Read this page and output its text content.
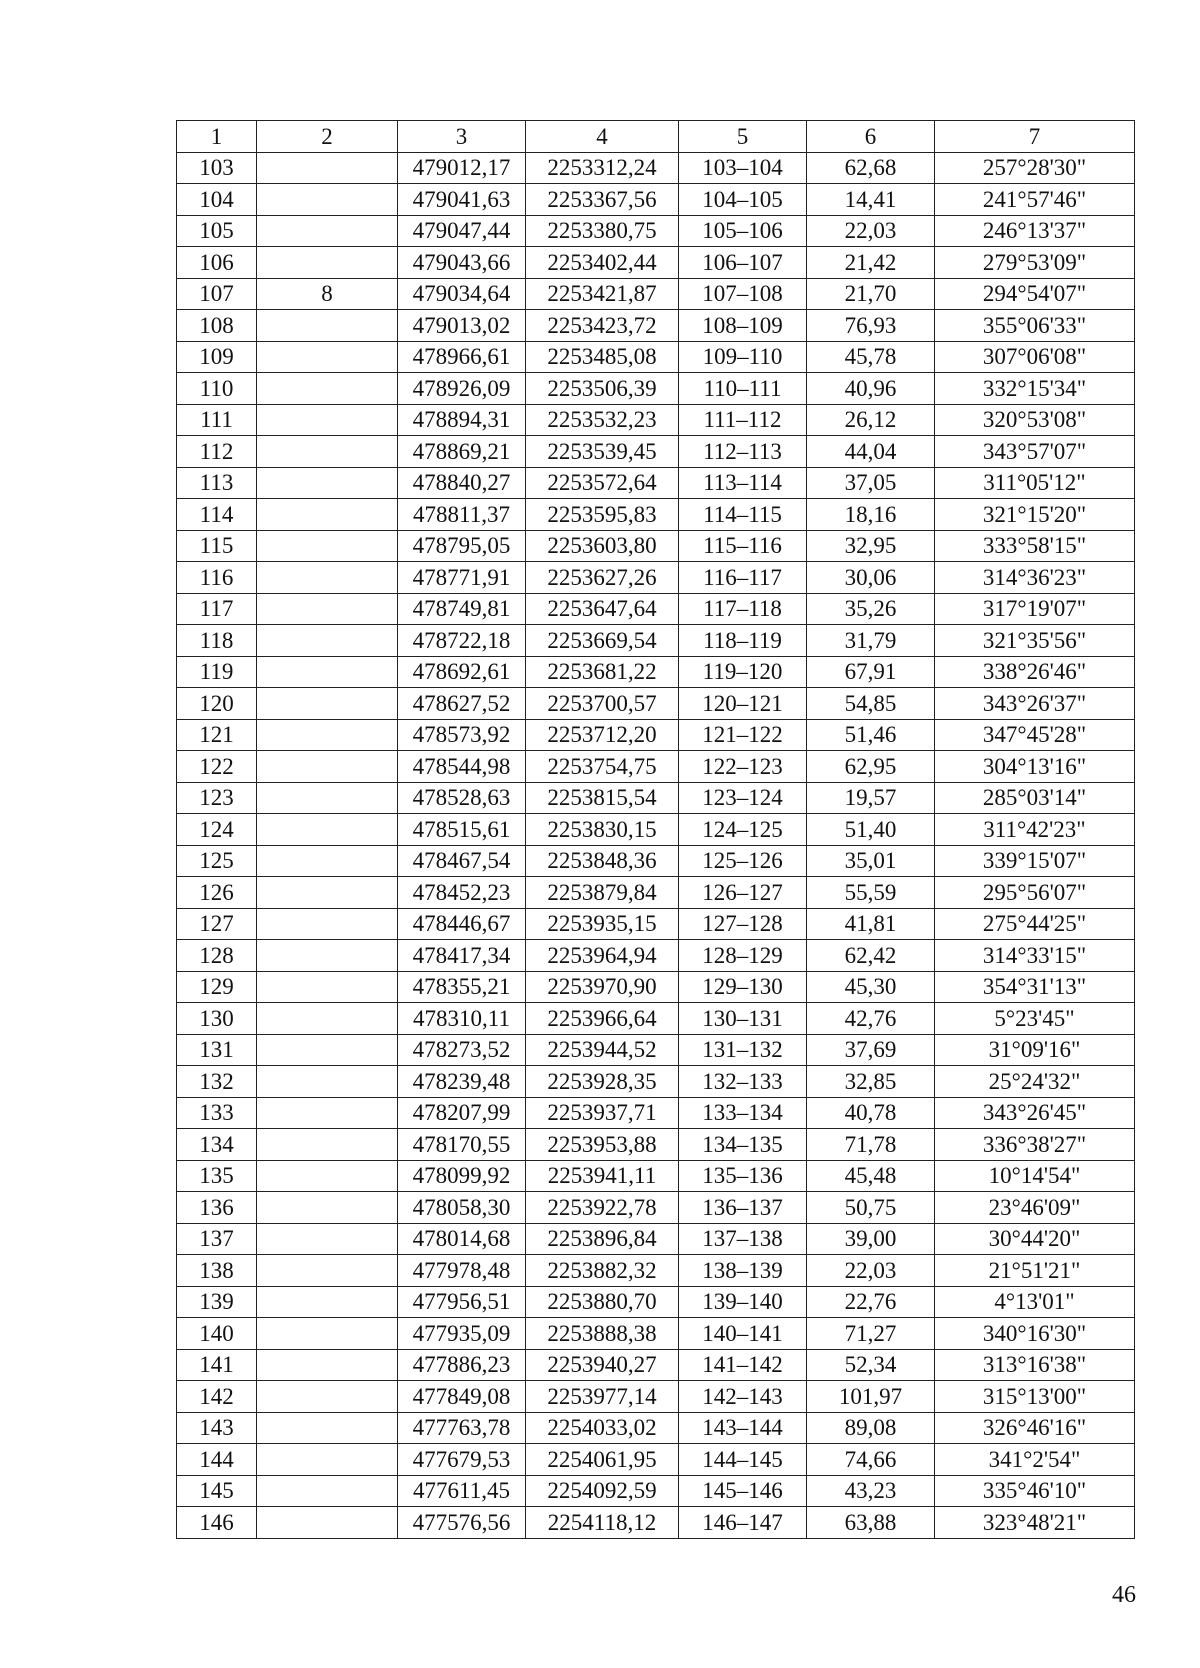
1	2	3	4	5	6	7
103		479012,17	2253312,24	103–104	62,68	257°28'30"
104		479041,63	2253367,56	104–105	14,41	241°57'46"
105		479047,44	2253380,75	105–106	22,03	246°13'37"
106		479043,66	2253402,44	106–107	21,42	279°53'09"
107	8	479034,64	2253421,87	107–108	21,70	294°54'07"
108		479013,02	2253423,72	108–109	76,93	355°06'33"
109		478966,61	2253485,08	109–110	45,78	307°06'08"
110		478926,09	2253506,39	110–111	40,96	332°15'34"
111		478894,31	2253532,23	111–112	26,12	320°53'08"
112		478869,21	2253539,45	112–113	44,04	343°57'07"
113		478840,27	2253572,64	113–114	37,05	311°05'12"
114		478811,37	2253595,83	114–115	18,16	321°15'20"
115		478795,05	2253603,80	115–116	32,95	333°58'15"
116		478771,91	2253627,26	116–117	30,06	314°36'23"
117		478749,81	2253647,64	117–118	35,26	317°19'07"
118		478722,18	2253669,54	118–119	31,79	321°35'56"
119		478692,61	2253681,22	119–120	67,91	338°26'46"
120		478627,52	2253700,57	120–121	54,85	343°26'37"
121		478573,92	2253712,20	121–122	51,46	347°45'28"
122		478544,98	2253754,75	122–123	62,95	304°13'16"
123		478528,63	2253815,54	123–124	19,57	285°03'14"
124		478515,61	2253830,15	124–125	51,40	311°42'23"
125		478467,54	2253848,36	125–126	35,01	339°15'07"
126		478452,23	2253879,84	126–127	55,59	295°56'07"
127		478446,67	2253935,15	127–128	41,81	275°44'25"
128		478417,34	2253964,94	128–129	62,42	314°33'15"
129		478355,21	2253970,90	129–130	45,30	354°31'13"
130		478310,11	2253966,64	130–131	42,76	5°23'45"
131		478273,52	2253944,52	131–132	37,69	31°09'16"
132		478239,48	2253928,35	132–133	32,85	25°24'32"
133		478207,99	2253937,71	133–134	40,78	343°26'45"
134		478170,55	2253953,88	134–135	71,78	336°38'27"
135		478099,92	2253941,11	135–136	45,48	10°14'54"
136		478058,30	2253922,78	136–137	50,75	23°46'09"
137		478014,68	2253896,84	137–138	39,00	30°44'20"
138		477978,48	2253882,32	138–139	22,03	21°51'21"
139		477956,51	2253880,70	139–140	22,76	4°13'01"
140		477935,09	2253888,38	140–141	71,27	340°16'30"
141		477886,23	2253940,27	141–142	52,34	313°16'38"
142		477849,08	2253977,14	142–143	101,97	315°13'00"
143		477763,78	2254033,02	143–144	89,08	326°46'16"
144		477679,53	2254061,95	144–145	74,66	341°2'54"
145		477611,45	2254092,59	145–146	43,23	335°46'10"
146		477576,56	2254118,12	146–147	63,88	323°48'21"
46
